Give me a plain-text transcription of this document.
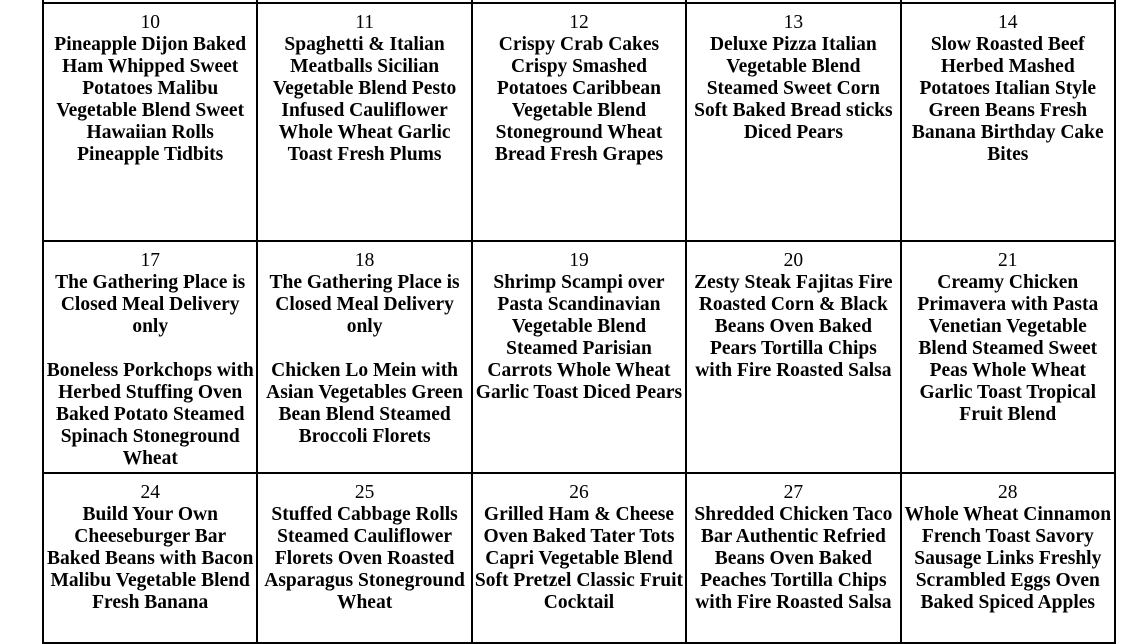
10
Pineapple Dijon Baked Ham Whipped Sweet Potatoes Malibu Vegetable Blend Sweet Hawaiian Rolls Pineapple Tidbits	11
Spaghetti & Italian Meatballs Sicilian Vegetable Blend Pesto Infused Cauliflower Whole Wheat Garlic Toast Fresh Plums	12
Crispy Crab Cakes Crispy Smashed Potatoes Caribbean Vegetable Blend Stoneground Wheat Bread Fresh Grapes	13
Deluxe Pizza Italian Vegetable Blend Steamed Sweet Corn Soft Baked Bread sticks Diced Pears	14
Slow Roasted Beef Herbed Mashed Potatoes Italian Style Green Beans Fresh Banana Birthday Cake Bites

17
The Gathering Place is Closed Meal Delivery only
Boneless Porkchops with Herbed Stuffing Oven Baked Potato Steamed Spinach Stoneground Wheat	18
The Gathering Place is Closed Meal Delivery only
Chicken Lo Mein with Asian Vegetables Green Bean Blend Steamed Broccoli Florets	19
Shrimp Scampi over Pasta Scandinavian Vegetable Blend Steamed Parisian Carrots Whole Wheat Garlic Toast Diced Pears	20
Zesty Steak Fajitas Fire Roasted Corn & Black Beans Oven Baked Pears Tortilla Chips with Fire Roasted Salsa	21
Creamy Chicken Primavera with Pasta Venetian Vegetable Blend Steamed Sweet Peas Whole Wheat Garlic Toast Tropical Fruit Blend

24
Build Your Own Cheeseburger Bar Baked Beans with Bacon Malibu Vegetable Blend Fresh Banana	25
Stuffed Cabbage Rolls Steamed Cauliflower Florets Oven Roasted Asparagus Stoneground Wheat	26
Grilled Ham & Cheese Oven Baked Tater Tots Capri Vegetable Blend Soft Pretzel Classic Fruit Cocktail	27
Shredded Chicken Taco Bar Authentic Refried Beans Oven Baked Peaches Tortilla Chips with Fire Roasted Salsa	28
Whole Wheat Cinnamon French Toast Savory Sausage Links Freshly Scrambled Eggs Oven Baked Spiced Apples
